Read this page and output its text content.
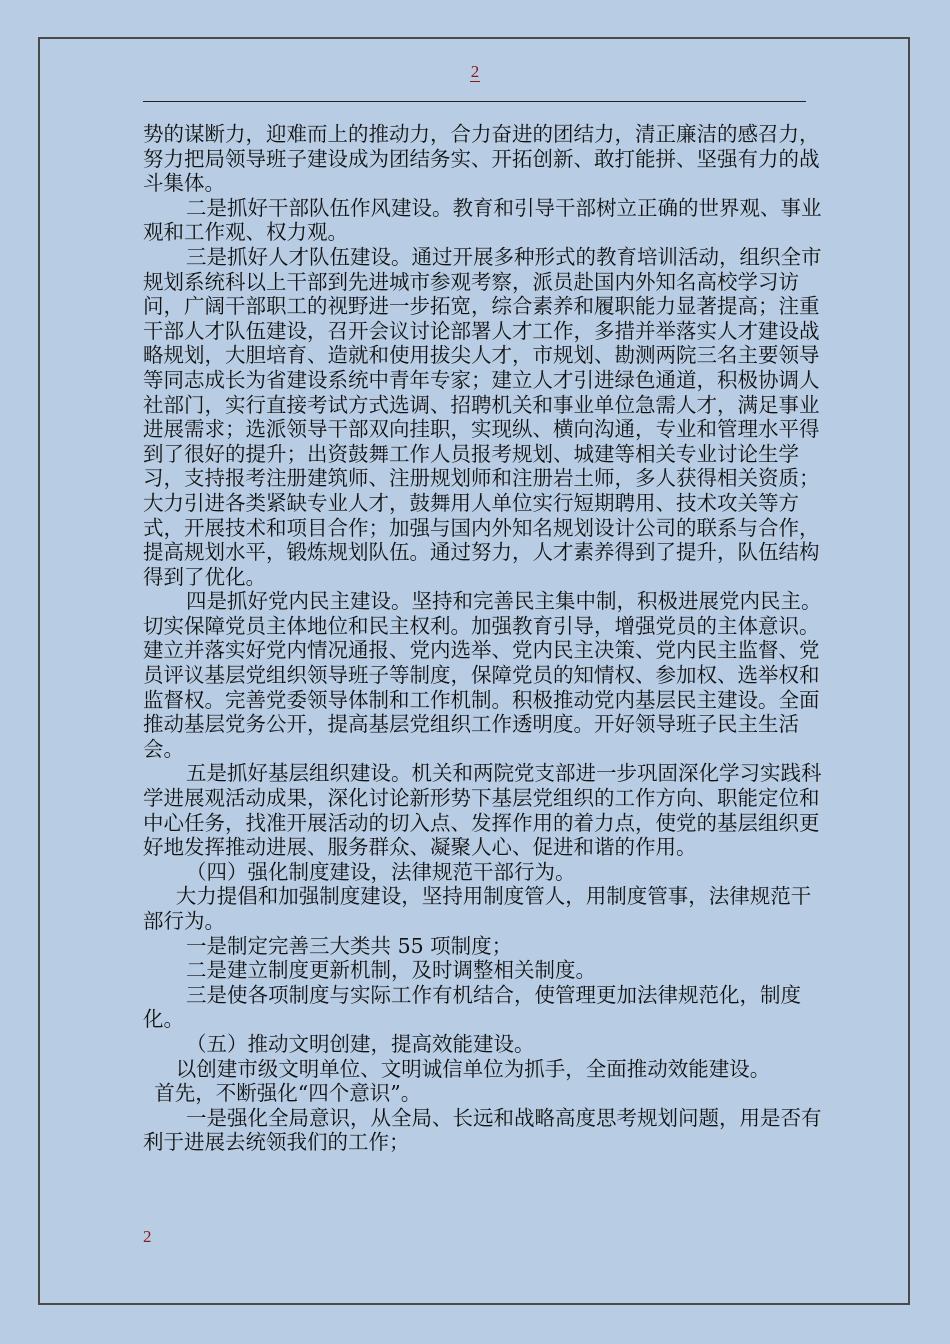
2

势的谋断力，迎难而上的推动力，合力奋进的团结力，清正廉洁的感召力，努力把局领导班子建设成为团结务实、开拓创新、敢打能拼、坚强有力的战斗集体。

二是抓好干部队伍作风建设。教育和引导干部树立正确的世界观、事业观和工作观、权力观。

三是抓好人才队伍建设。通过开展多种形式的教育培训活动，组织全市规划系统科以上干部到先进城市参观考察，派员赴国内外知名高校学习访问，广阔干部职工的视野进一步拓宽，综合素养和履职能力显著提高；注重干部人才队伍建设，召开会议讨论部署人才工作，多措并举落实人才建设战略规划，大胆培育、造就和使用拔尖人才，市规划、勘测两院三名主要领导等同志成长为省建设系统中青年专家；建立人才引进绿色通道，积极协调人社部门，实行直接考试方式选调、招聘机关和事业单位急需人才，满足事业进展需求；选派领导干部双向挂职，实现纵、横向沟通，专业和管理水平得到了很好的提升；出资鼓舞工作人员报考规划、城建等相关专业讨论生学习，支持报考注册建筑师、注册规划师和注册岩土师，多人获得相关资质；大力引进各类紧缺专业人才，鼓舞用人单位实行短期聘用、技术攻关等方式，开展技术和项目合作；加强与国内外知名规划设计公司的联系与合作，提高规划水平，锻炼规划队伍。通过努力，人才素养得到了提升，队伍结构得到了优化。

四是抓好党内民主建设。坚持和完善民主集中制，积极进展党内民主。切实保障党员主体地位和民主权利。加强教育引导，增强党员的主体意识。建立并落实好党内情况通报、党内选举、党内民主决策、党内民主监督、党员评议基层党组织领导班子等制度，保障党员的知情权、参加权、选举权和监督权。完善党委领导体制和工作机制。积极推动党内基层民主建设。全面推动基层党务公开，提高基层党组织工作透明度。开好领导班子民主生活会。

五是抓好基层组织建设。机关和两院党支部进一步巩固深化学习实践科学进展观活动成果，深化讨论新形势下基层党组织的工作方向、职能定位和中心任务，找准开展活动的切入点、发挥作用的着力点，使党的基层组织更好地发挥推动进展、服务群众、凝聚人心、促进和谐的作用。

（四）强化制度建设，法律规范干部行为。

大力提倡和加强制度建设，坚持用制度管人，用制度管事，法律规范干部行为。

一是制定完善三大类共 55 项制度；

二是建立制度更新机制，及时调整相关制度。

三是使各项制度与实际工作有机结合，使管理更加法律规范化，制度化。

（五）推动文明创建，提高效能建设。

以创建市级文明单位、文明诚信单位为抓手，全面推动效能建设。

首先，不断强化“四个意识”。

一是强化全局意识，从全局、长远和战略高度思考规划问题，用是否有利于进展去统领我们的工作；

2
